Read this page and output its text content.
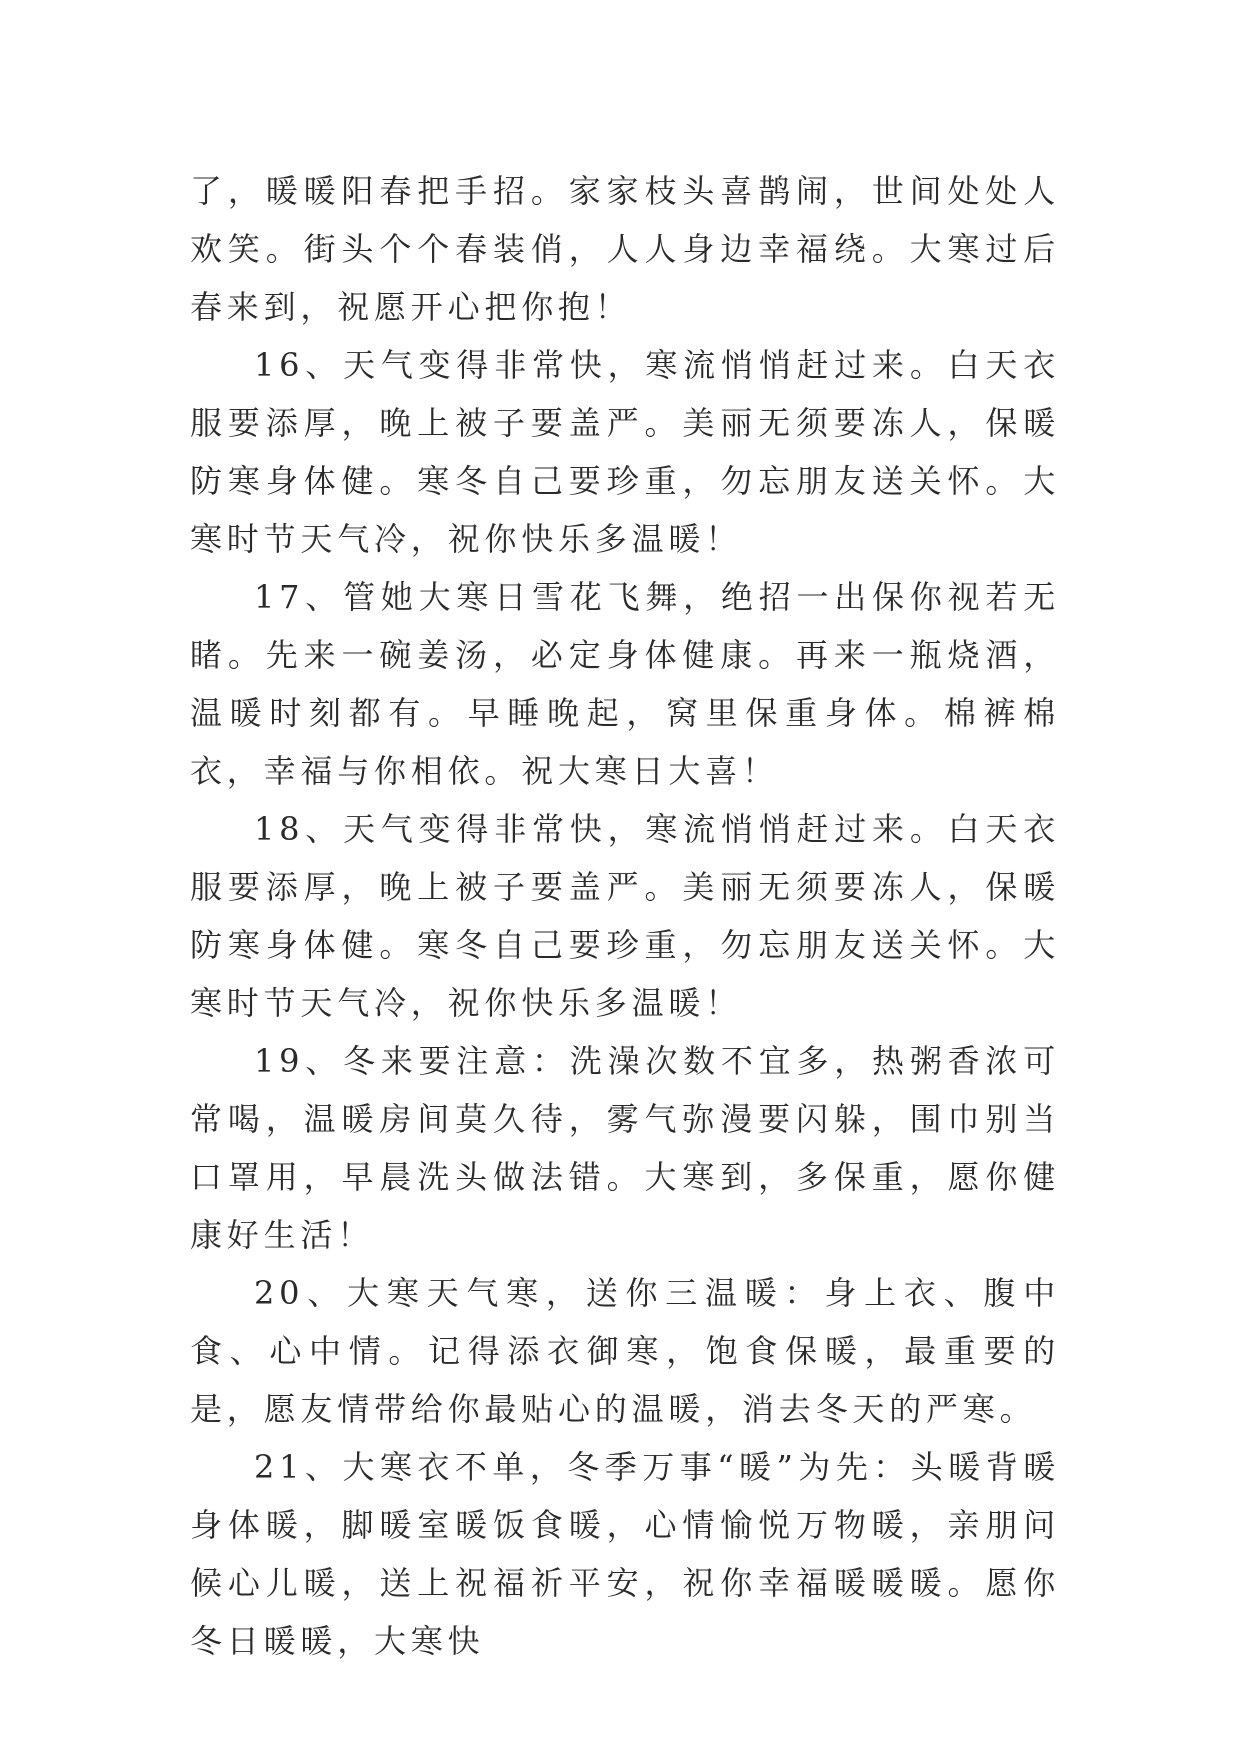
了，暖暖阳春把手招。家家枝头喜鹊闹，世间处处人欢笑。街头个个春装俏，人人身边幸福绕。大寒过后春来到，祝愿开心把你抱！

16、天气变得非常快，寒流悄悄赶过来。白天衣服要添厚，晚上被子要盖严。美丽无须要冻人，保暖防寒身体健。寒冬自己要珍重，勿忘朋友送关怀。大寒时节天气冷，祝你快乐多温暖！

17、管她大寒日雪花飞舞，绝招一出保你视若无睹。先来一碗姜汤，必定身体健康。再来一瓶烧酒，温暖时刻都有。早睡晚起，窝里保重身体。棉裤棉衣，幸福与你相依。祝大寒日大喜！

18、天气变得非常快，寒流悄悄赶过来。白天衣服要添厚，晚上被子要盖严。美丽无须要冻人，保暖防寒身体健。寒冬自己要珍重，勿忘朋友送关怀。大寒时节天气冷，祝你快乐多温暖！

19、冬来要注意：洗澡次数不宜多，热粥香浓可常喝，温暖房间莫久待，雾气弥漫要闪躲，围巾别当口罩用，早晨洗头做法错。大寒到，多保重，愿你健康好生活！

20、大寒天气寒，送你三温暖：身上衣、腹中食、心中情。记得添衣御寒，饱食保暖，最重要的是，愿友情带给你最贴心的温暖，消去冬天的严寒。

21、大寒衣不单，冬季万事“暖”为先：头暖背暖身体暖，脚暖室暖饭食暖，心情愉悦万物暖，亲朋问候心儿暖，送上祝福祈平安，祝你幸福暖暖暖。愿你冬日暖暖，大寒快
